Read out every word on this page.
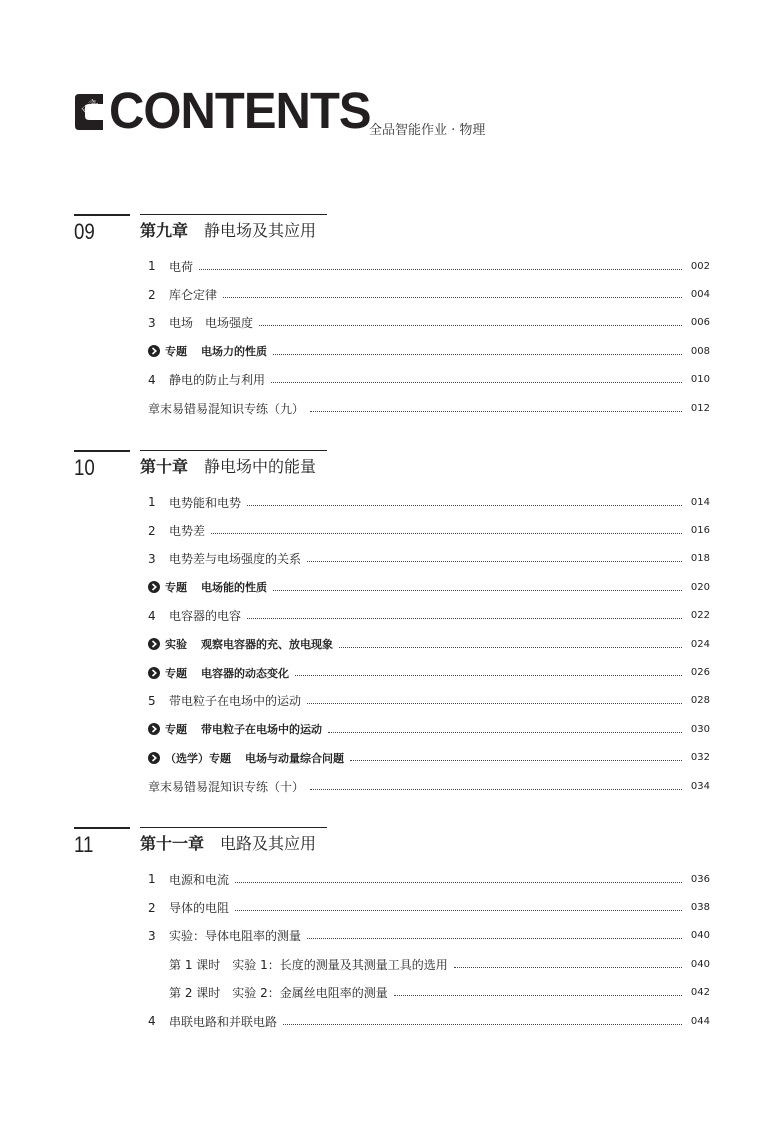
目录 CONTENTS
全品智能作业 · 物理
09	第九章 静电场及其应用
1	电荷	002
2	库仑定律	004
3	电场　电场强度	006
专题 电场力的性质	008
4	静电的防止与利用	010
章末易错易混知识专练（九）	012
10	第十章 静电场中的能量
1	电势能和电势	014
2	电势差	016
3	电势差与电场强度的关系	018
专题 电场能的性质	020
4	电容器的电容	022
实验 观察电容器的充、放电现象	024
专题 电容器的动态变化	026
5	带电粒子在电场中的运动	028
专题 带电粒子在电场中的运动	030
（选学）专题 电场与动量综合问题	032
章末易错易混知识专练（十）	034
11	第十一章 电路及其应用
1	电源和电流	036
2	导体的电阻	038
3	实验：导体电阻率的测量	040
第 1 课时　实验 1：长度的测量及其测量工具的选用	040
第 2 课时　实验 2：金属丝电阻率的测量	042
4	串联电路和并联电路	044
